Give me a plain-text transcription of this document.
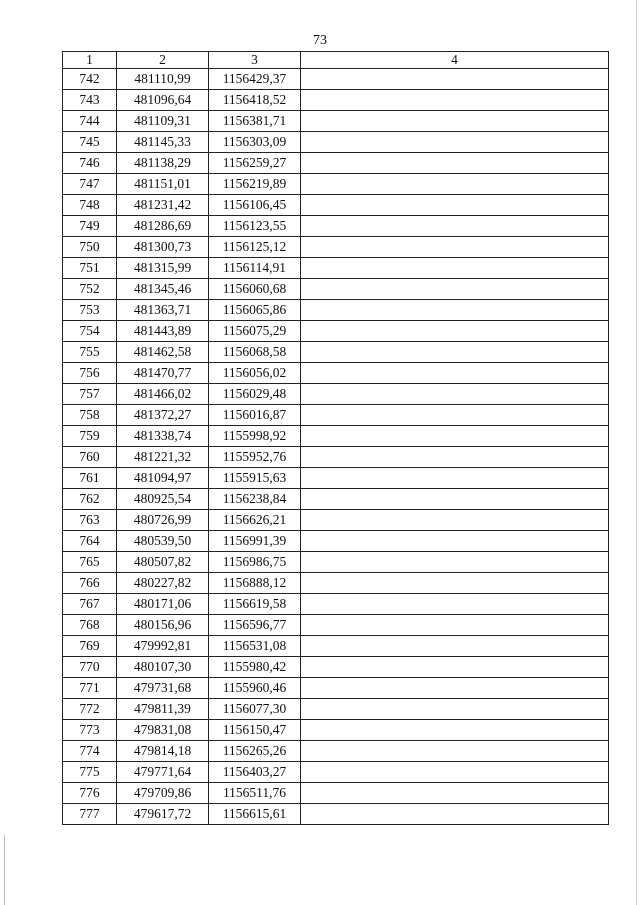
73
1	2	3	4
742	481110,99	1156429,37	
743	481096,64	1156418,52	
744	481109,31	1156381,71	
745	481145,33	1156303,09	
746	481138,29	1156259,27	
747	481151,01	1156219,89	
748	481231,42	1156106,45	
749	481286,69	1156123,55	
750	481300,73	1156125,12	
751	481315,99	1156114,91	
752	481345,46	1156060,68	
753	481363,71	1156065,86	
754	481443,89	1156075,29	
755	481462,58	1156068,58	
756	481470,77	1156056,02	
757	481466,02	1156029,48	
758	481372,27	1156016,87	
759	481338,74	1155998,92	
760	481221,32	1155952,76	
761	481094,97	1155915,63	
762	480925,54	1156238,84	
763	480726,99	1156626,21	
764	480539,50	1156991,39	
765	480507,82	1156986,75	
766	480227,82	1156888,12	
767	480171,06	1156619,58	
768	480156,96	1156596,77	
769	479992,81	1156531,08	
770	480107,30	1155980,42	
771	479731,68	1155960,46	
772	479811,39	1156077,30	
773	479831,08	1156150,47	
774	479814,18	1156265,26	
775	479771,64	1156403,27	
776	479709,86	1156511,76	
777	479617,72	1156615,61	
